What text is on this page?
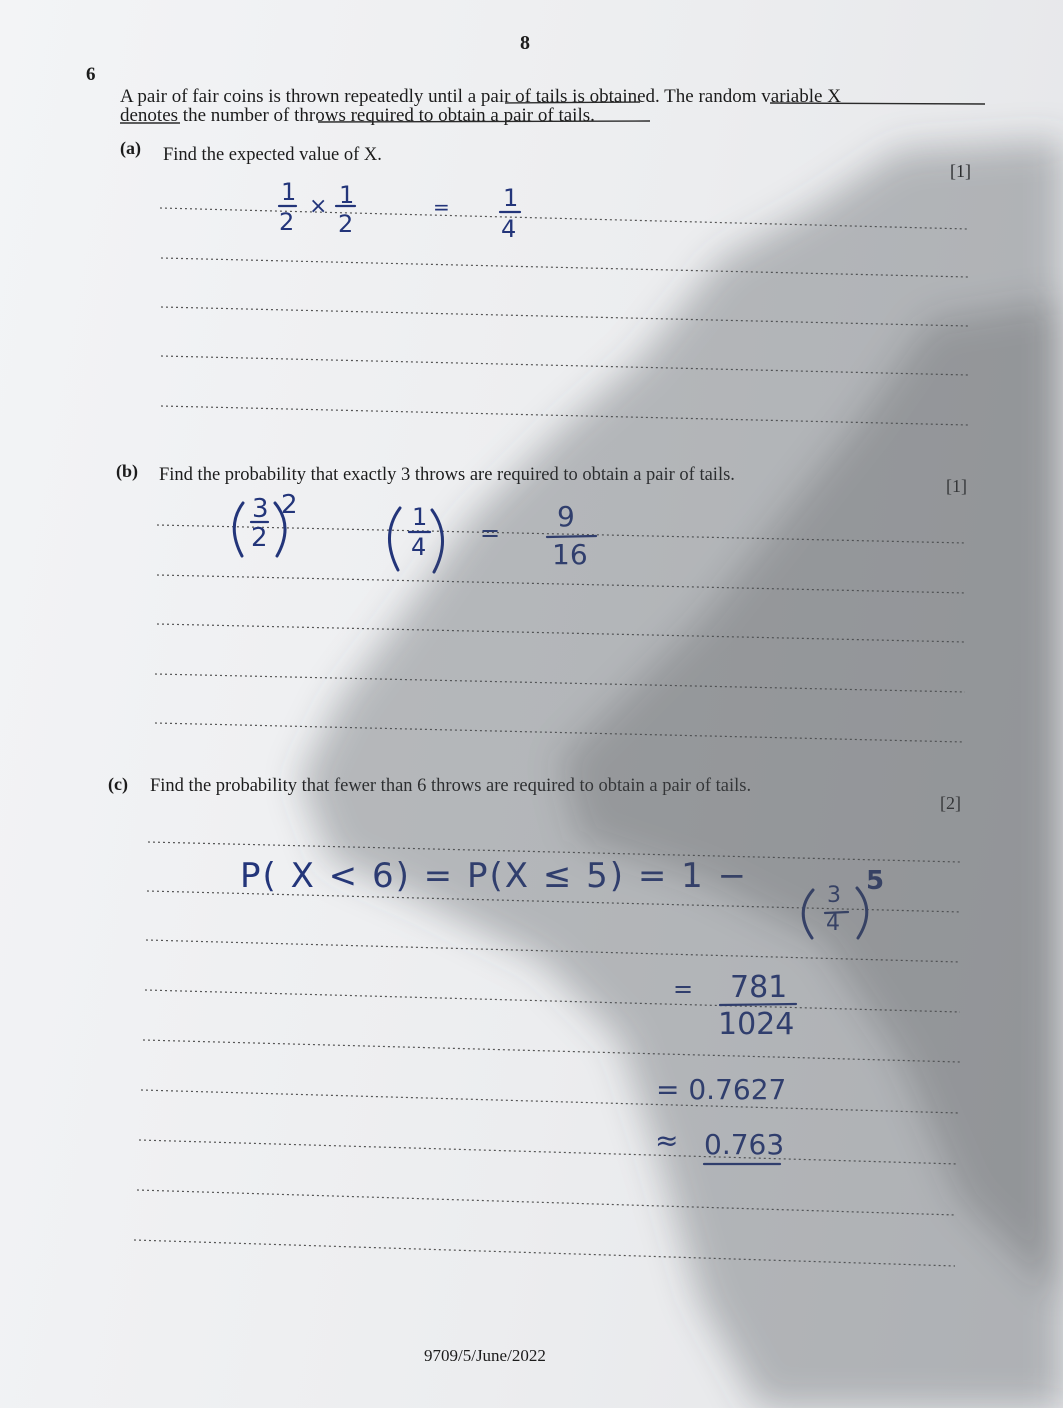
8
6
A pair of fair coins is thrown repeatedly until a pair of tails is obtained. The random variable X
denotes the number of throws required to obtain a pair of tails.
(a) Find the expected value of X.
[1]
(b) Find the probability that exactly 3 throws are required to obtain a pair of tails.
[1]
(c) Find the probability that fewer than 6 throws are required to obtain a pair of tails.
[2]
9709/5/June/2022
1
2
× 1
2
= 1
4
3
2
2	1
4 = 9
16
P( X < 6) = P(X ≤ 5) = 1 −	3
4
5
= 781
1024
= 0.7627
≈ 0.763
